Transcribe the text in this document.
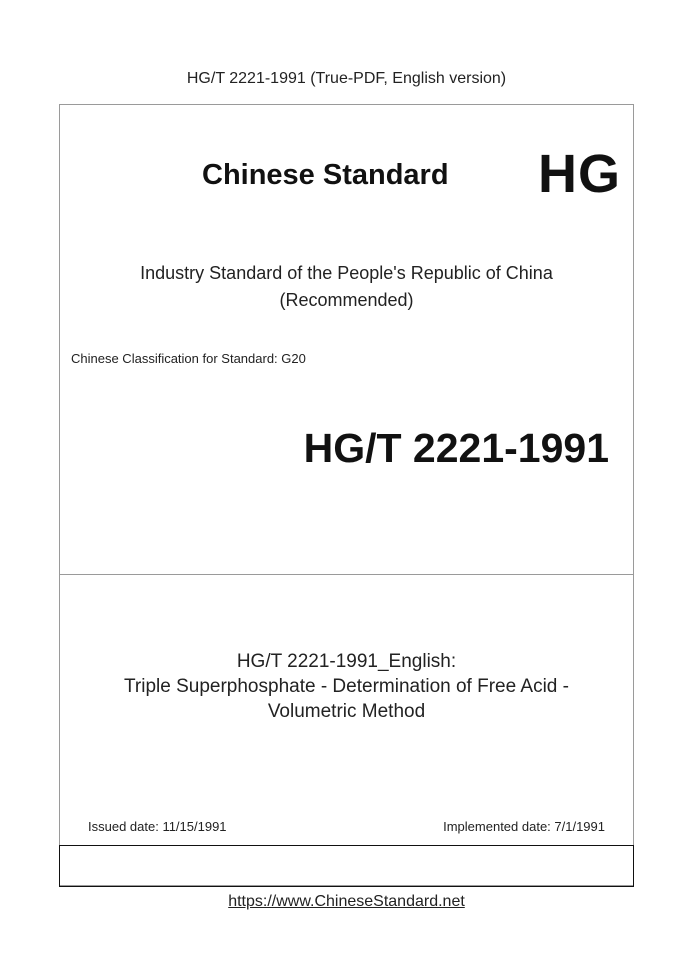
HG/T 2221-1991 (True-PDF, English version)
Chinese Standard HG
Industry Standard of the People's Republic of China
(Recommended)
Chinese Classification for Standard: G20
HG/T 2221-1991
HG/T 2221-1991_English:
Triple Superphosphate - Determination of Free Acid -
Volumetric Method
Issued date: 11/15/1991	Implemented date: 7/1/1991
https://www.ChineseStandard.net
